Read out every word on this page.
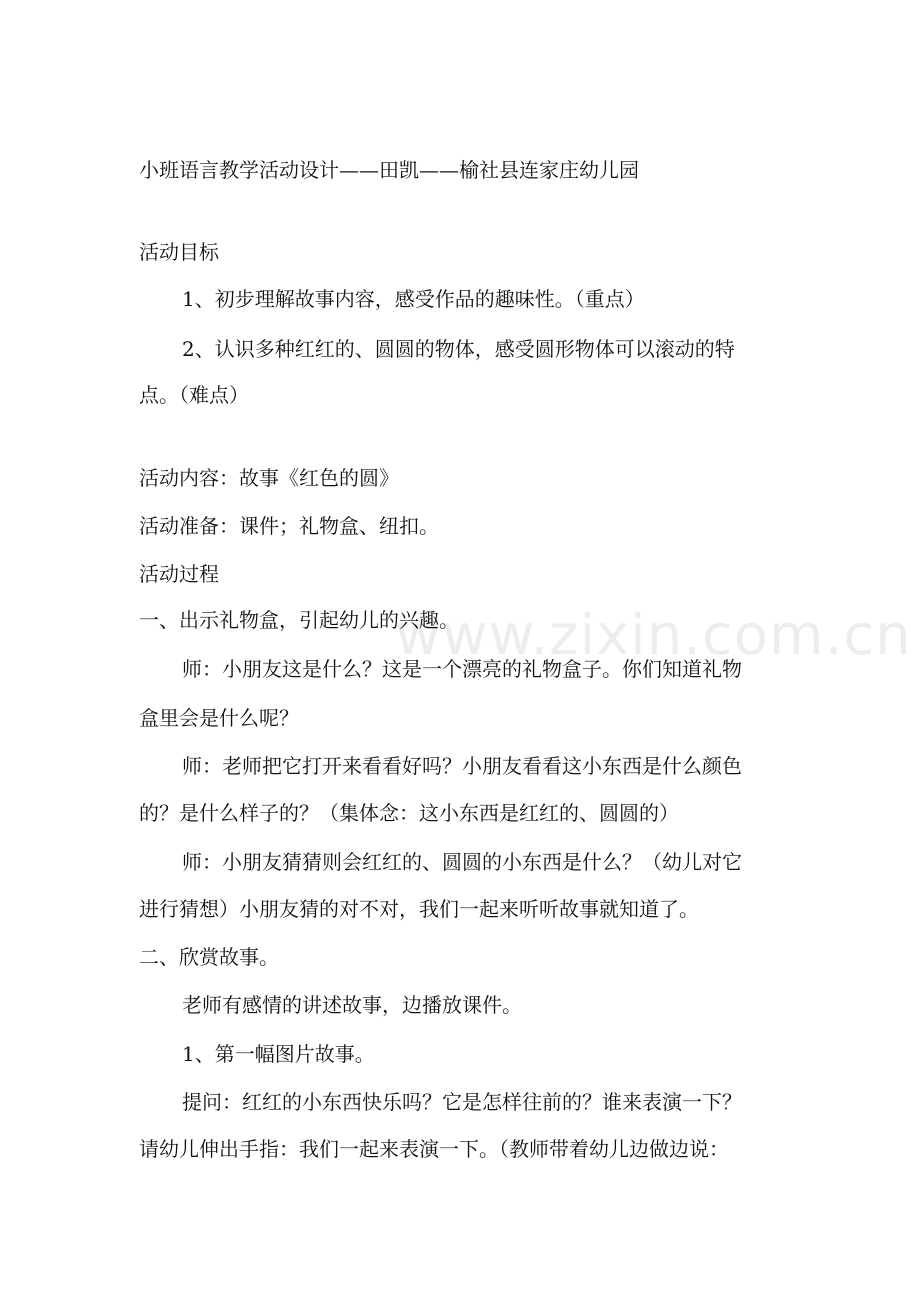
www.zixin.com.cn
小班语言教学活动设计——田凯——榆社县连家庄幼儿园
活动目标
1、初步理解故事内容，感受作品的趣味性。（重点）
2、认识多种红红的、圆圆的物体，感受圆形物体可以滚动的特
点。（难点）
活动内容：故事《红色的圆》
活动准备：课件；礼物盒、纽扣。
活动过程
一、出示礼物盒，引起幼儿的兴趣。
师：小朋友这是什么？这是一个漂亮的礼物盒子。你们知道礼物
盒里会是什么呢？
师：老师把它打开来看看好吗？小朋友看看这小东西是什么颜色
的？是什么样子的？（集体念：这小东西是红红的、圆圆的）
师：小朋友猜猜则会红红的、圆圆的小东西是什么？（幼儿对它
进行猜想）小朋友猜的对不对，我们一起来听听故事就知道了。
二、欣赏故事。
老师有感情的讲述故事，边播放课件。
1、第一幅图片故事。
提问：红红的小东西快乐吗？它是怎样往前的？谁来表演一下？
请幼儿伸出手指：我们一起来表演一下。（教师带着幼儿边做边说：
